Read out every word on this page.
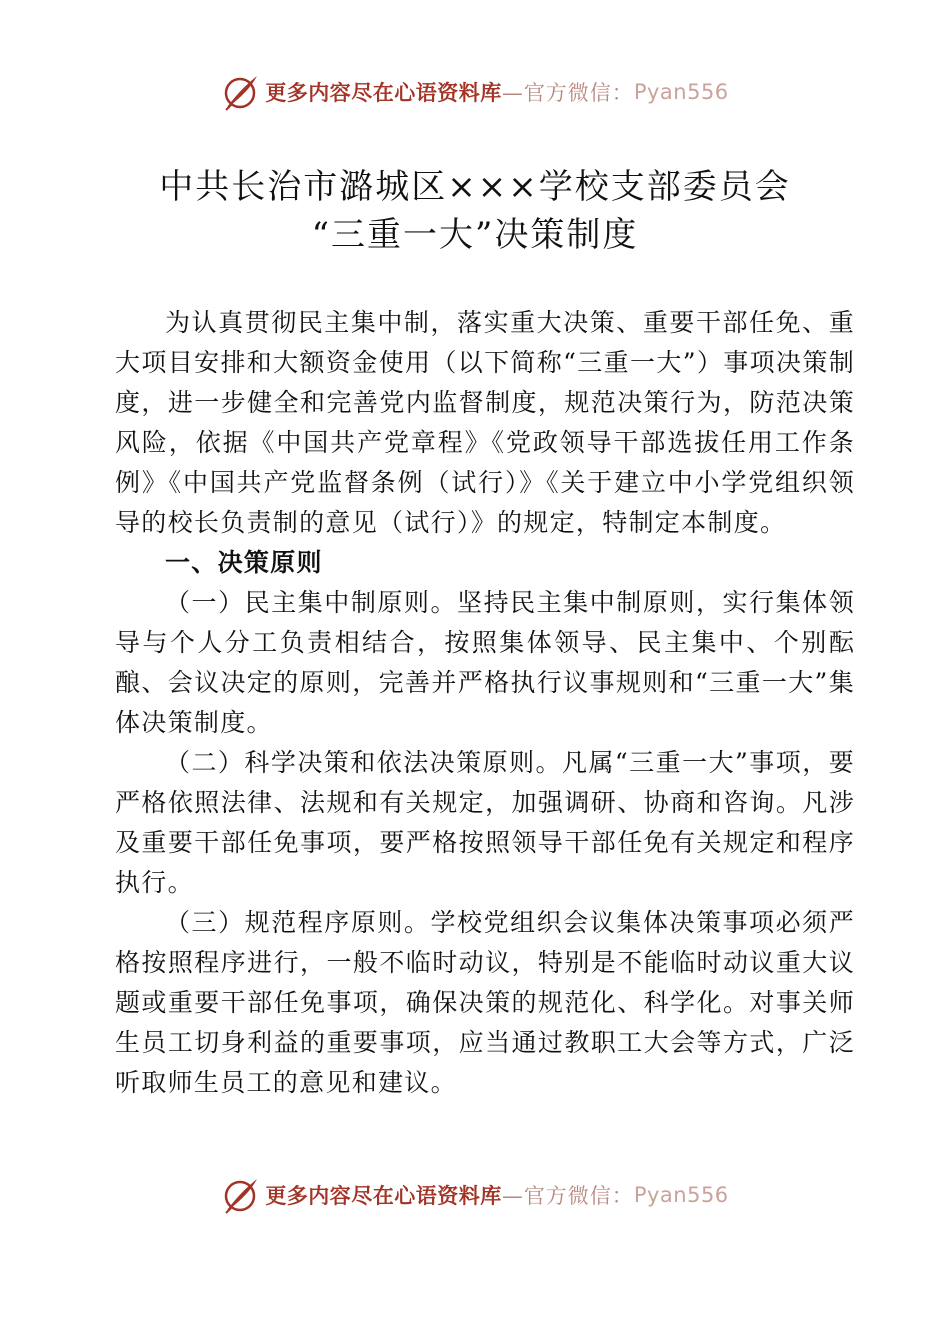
更多内容尽在心语资料库 —官方微信： Pyan556
中共长治市潞城区×××学校支部委员会
“三重一大”决策制度

为认真贯彻民主集中制，落实重大决策、重要干部任免、重大项目安排和大额资金使用（以下简称“三重一大”）事项决策制度，进一步健全和完善党内监督制度，规范决策行为，防范决策风险，依据《中国共产党章程》《党政领导干部选拔任用工作条例》《中国共产党监督条例（试行）》《关于建立中小学党组织领导的校长负责制的意见（试行）》的规定，特制定本制度。

一、决策原则

（一）民主集中制原则。坚持民主集中制原则，实行集体领导与个人分工负责相结合，按照集体领导、民主集中、个别酝酿、会议决定的原则，完善并严格执行议事规则和“三重一大”集体决策制度。

（二）科学决策和依法决策原则。凡属“三重一大”事项，要严格依照法律、法规和有关规定，加强调研、协商和咨询。凡涉及重要干部任免事项，要严格按照领导干部任免有关规定和程序执行。

（三）规范程序原则。学校党组织会议集体决策事项必须严格按照程序进行，一般不临时动议，特别是不能临时动议重大议题或重要干部任免事项，确保决策的规范化、科学化。对事关师生员工切身利益的重要事项，应当通过教职工大会等方式，广泛听取师生员工的意见和建议。

更多内容尽在心语资料库 —官方微信： Pyan556
